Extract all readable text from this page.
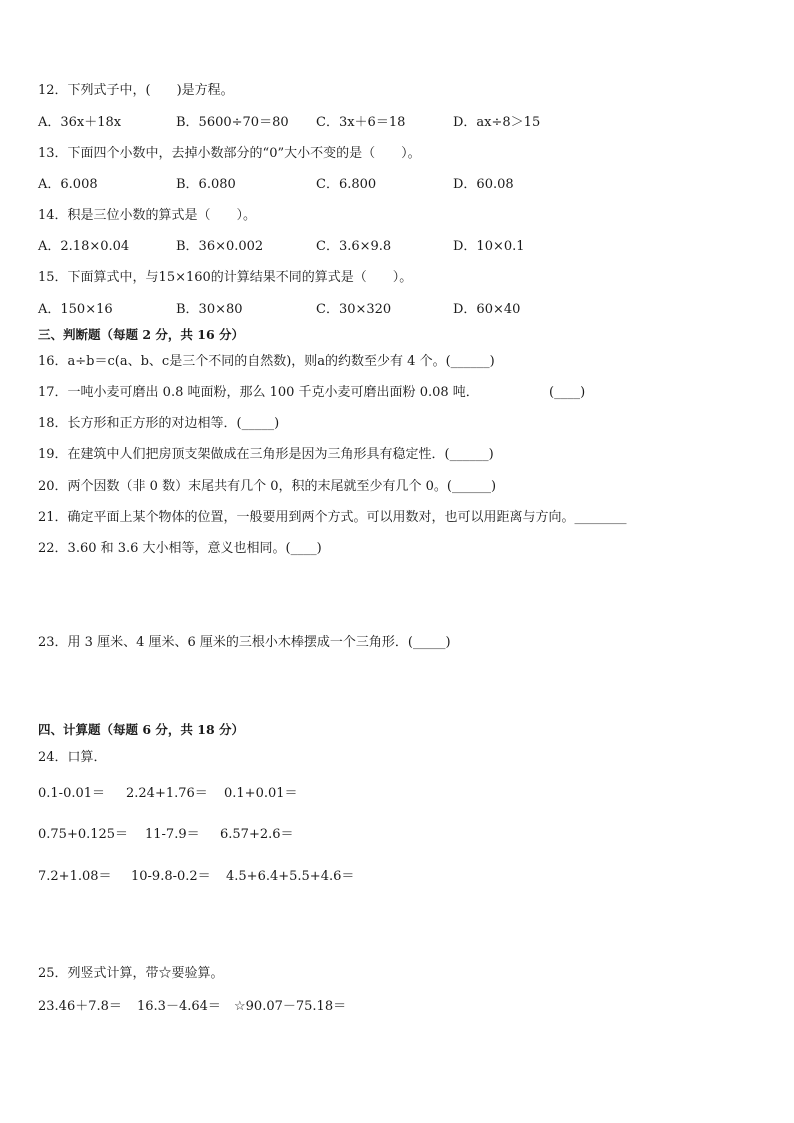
12．下列式子中，(　　)是方程。
A．36x＋18x	B．5600÷70＝80 C．3x＋6＝18	D．ax÷8＞15
13．下面四个小数中，去掉小数部分的“0”大小不变的是（　　）。
A．6.008	B．6.080	C．6.800	D．60.08
14．积是三位小数的算式是（　　）。
A．2.18×0.04	B．36×0.002	C．3.6×9.8	D．10×0.1
15．下面算式中，与15×160的计算结果不同的算式是（　　）。
A．150×16	B．30×80	C．30×320	D．60×40
三、判断题（每题 2 分，共 16 分）
16．a÷b＝c(a、b、c是三个不同的自然数)，则a的约数至少有 4 个。(______)
17．一吨小麦可磨出 0.8 吨面粉，那么 100 千克小麦可磨出面粉 0.08 吨．	(____)
18．长方形和正方形的对边相等．(_____)
19．在建筑中人们把房顶支架做成在三角形是因为三角形具有稳定性．(______)
20．两个因数（非 0 数）末尾共有几个 0，积的末尾就至少有几个 0。(______)
21．确定平面上某个物体的位置，一般要用到两个方式。可以用数对，也可以用距离与方向。________
22．3.60 和 3.6 大小相等，意义也相同。(____)
23．用 3 厘米、4 厘米、6 厘米的三根小木棒摆成一个三角形．(_____)
四、计算题（每题 6 分，共 18 分）
24．口算．
0.1-0.01＝ 2.24+1.76＝ 0.1+0.01＝
0.75+0.125＝ 11-7.9＝ 6.57+2.6＝
7.2+1.08＝ 10-9.8-0.2＝ 4.5+6.4+5.5+4.6＝
25．列竖式计算，带☆要验算。
23.46＋7.8＝ 16.3－4.64＝ ☆90.07－75.18＝
